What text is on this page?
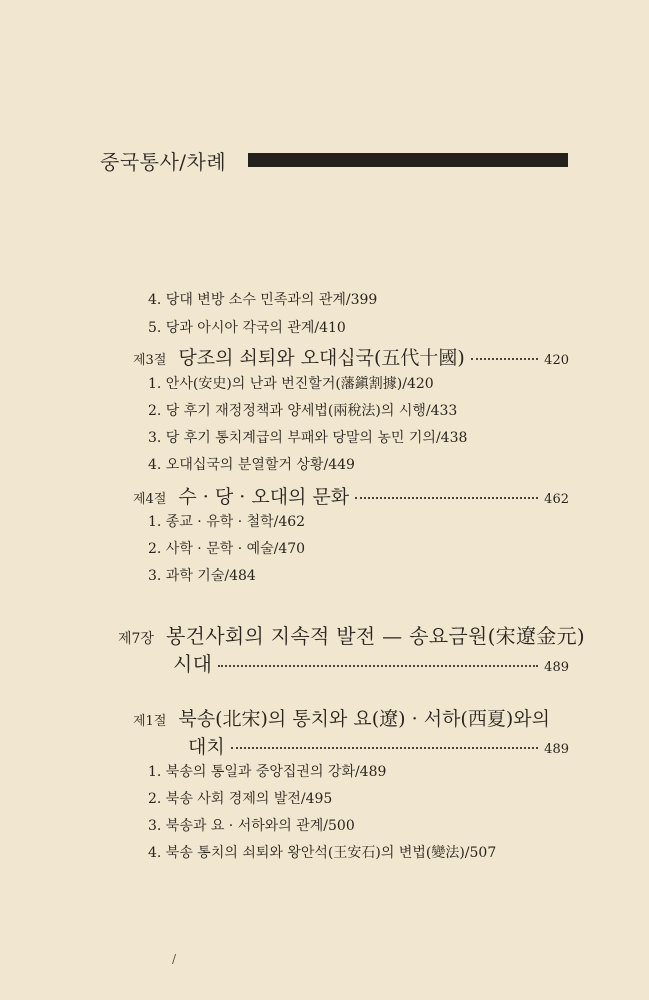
중국통사/차례
4. 당대 변방 소수 민족과의 관계/399
5. 당과 아시아 각국의 관계/410
제3절 당조의 쇠퇴와 오대십국(五代十國)	420
1. 안사(安史)의 난과 번진할거(藩鎭割據)/420
2. 당 후기 재정정책과 양세법(兩稅法)의 시행/433
3. 당 후기 통치계급의 부패와 당말의 농민 기의/438
4. 오대십국의 분열할거 상황/449
제4절 수 · 당 · 오대의 문화	462
1. 종교 · 유학 · 철학/462
2. 사학 · 문학 · 예술/470
3. 과학 기술/484
제7장 봉건사회의 지속적 발전 — 송요금원(宋遼金元)
시대	489
제1절 북송(北宋)의 통치와 요(遼) · 서하(西夏)와의
대치	489
1. 북송의 통일과 중앙집권의 강화/489
2. 북송 사회 경제의 발전/495
3. 북송과 요 · 서하와의 관계/500
4. 북송 통치의 쇠퇴와 왕안석(王安石)의 변법(變法)/507
/
